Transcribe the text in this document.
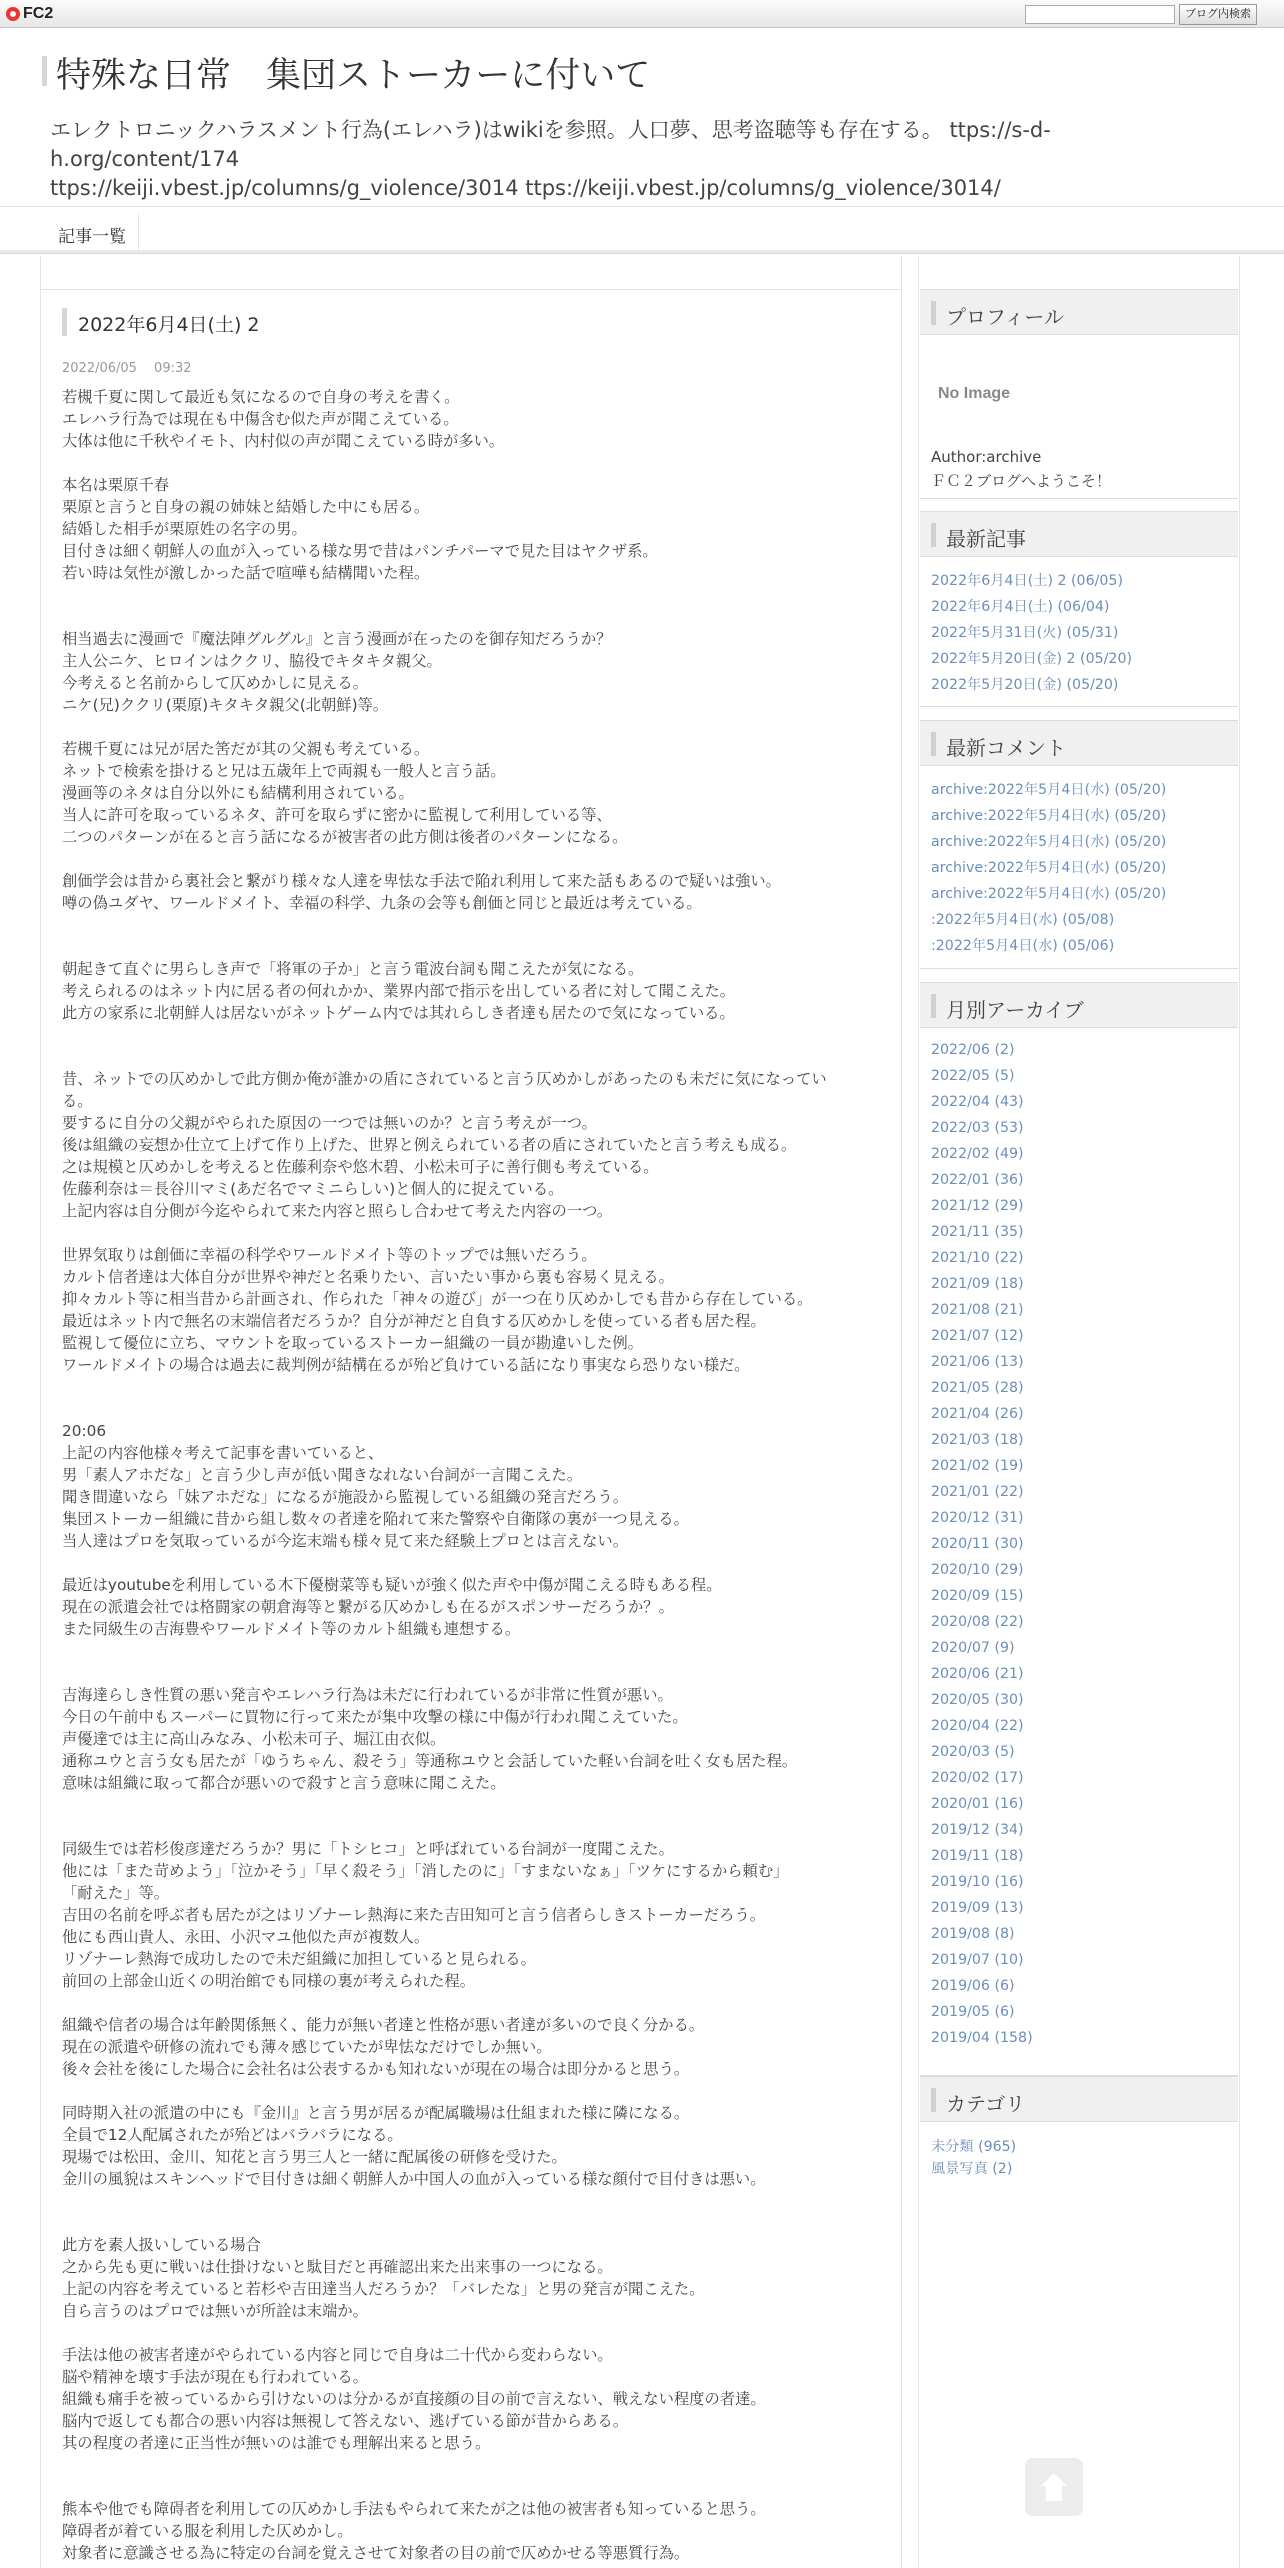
FC2	ブログ内検索
特殊な日常　集団ストーカーに付いて
エレクトロニックハラスメント行為(エレハラ)はwikiを参照。人口夢、思考盗聴等も存在する。 ttps://s-d-h.org/content/174
ttps://keiji.vbest.jp/columns/g_violence/3014 ttps://keiji.vbest.jp/columns/g_violence/3014/
記事一覧
2022年6月4日(土) 2
2022/06/05　 09:32

若槻千夏に関して最近も気になるので自身の考えを書く。

エレハラ行為では現在も中傷含む似た声が聞こえている。

大体は他に千秋やイモト、内村似の声が聞こえている時が多い。

本名は栗原千春

栗原と言うと自身の親の姉妹と結婚した中にも居る。

結婚した相手が栗原姓の名字の男。

目付きは細く朝鮮人の血が入っている様な男で昔はパンチパーマで見た目はヤクザ系。

若い時は気性が激しかった話で喧嘩も結構聞いた程。

相当過去に漫画で『魔法陣グルグル』と言う漫画が在ったのを御存知だろうか？

主人公ニケ、ヒロインはククリ、脇役でキタキタ親父。

今考えると名前からして仄めかしに見える。

ニケ(兄)ククリ(栗原)キタキタ親父(北朝鮮)等。

若槻千夏には兄が居た筈だが其の父親も考えている。

ネットで検索を掛けると兄は五歳年上で両親も一般人と言う話。

漫画等のネタは自分以外にも結構利用されている。

当人に許可を取っているネタ、許可を取らずに密かに監視して利用している等、

二つのパターンが在ると言う話になるが被害者の此方側は後者のパターンになる。

創価学会は昔から裏社会と繋がり様々な人達を卑怯な手法で陥れ利用して来た話もあるので疑いは強い。

噂の偽ユダヤ、ワールドメイト、幸福の科学、九条の会等も創価と同じと最近は考えている。

朝起きて直ぐに男らしき声で「将軍の子か」と言う電波台詞も聞こえたが気になる。

考えられるのはネット内に居る者の何れかか、業界内部で指示を出している者に対して聞こえた。

此方の家系に北朝鮮人は居ないがネットゲーム内では其れらしき者達も居たので気になっている。

昔、ネットでの仄めかしで此方側か俺が誰かの盾にされていると言う仄めかしがあったのも未だに気になってい

る。

要するに自分の父親がやられた原因の一つでは無いのか？と言う考えが一つ。

後は組織の妄想か仕立て上げて作り上げた、世界と例えられている者の盾にされていたと言う考えも成る。

之は規模と仄めかしを考えると佐藤利奈や悠木碧、小松未可子に善行側も考えている。

佐藤利奈は＝長谷川マミ(あだ名でマミニらしい)と個人的に捉えている。

上記内容は自分側が今迄やられて来た内容と照らし合わせて考えた内容の一つ。

世界気取りは創価に幸福の科学やワールドメイト等のトップでは無いだろう。

カルト信者達は大体自分が世界や神だと名乗りたい、言いたい事から裏も容易く見える。

抑々カルト等に相当昔から計画され、作られた「神々の遊び」が一つ在り仄めかしでも昔から存在している。

最近はネット内で無名の末端信者だろうか？自分が神だと自負する仄めかしを使っている者も居た程。

監視して優位に立ち、マウントを取っているストーカー組織の一員が勘違いした例。

ワールドメイトの場合は過去に裁判例が結構在るが殆ど負けている話になり事実なら恐りない様だ。

20:06

上記の内容他様々考えて記事を書いていると、

男「素人アホだな」と言う少し声が低い聞きなれない台詞が一言聞こえた。

聞き間違いなら「妹アホだな」になるが施設から監視している組織の発言だろう。

集団ストーカー組織に昔から組し数々の者達を陥れて来た警察や自衛隊の裏が一つ見える。

当人達はプロを気取っているが今迄末端も様々見て来た経験上プロとは言えない。

最近はyoutubeを利用している木下優樹菜等も疑いが強く似た声や中傷が聞こえる時もある程。

現在の派遣会社では格闘家の朝倉海等と繋がる仄めかしも在るがスポンサーだろうか？。

また同級生の吉海豊やワールドメイト等のカルト組織も連想する。

吉海達らしき性質の悪い発言やエレハラ行為は未だに行われているが非常に性質が悪い。

今日の午前中もスーパーに買物に行って来たが集中攻撃の様に中傷が行われ聞こえていた。

声優達では主に高山みなみ、小松未可子、堀江由衣似。

通称ユウと言う女も居たが「ゆうちゃん、殺そう」等通称ユウと会話していた軽い台詞を吐く女も居た程。

意味は組織に取って都合が悪いので殺すと言う意味に聞こえた。

同級生では若杉俊彦達だろうか？男に「トシヒコ」と呼ばれている台詞が一度聞こえた。

他には「また苛めよう」「泣かそう」「早く殺そう」「消したのに」「すまないなぁ」「ツケにするから頼む」

「耐えた」等。

吉田の名前を呼ぶ者も居たが之はリゾナーレ熱海に来た吉田知可と言う信者らしきストーカーだろう。

他にも西山貴人、永田、小沢マユ他似た声が複数人。

リゾナーレ熱海で成功したので未だ組織に加担していると見られる。

前回の上部金山近くの明治館でも同様の裏が考えられた程。

組織や信者の場合は年齢関係無く、能力が無い者達と性格が悪い者達が多いので良く分かる。

現在の派遣や研修の流れでも薄々感じていたが卑怯なだけでしか無い。

後々会社を後にした場合に会社名は公表するかも知れないが現在の場合は即分かると思う。

同時期入社の派遣の中にも『金川』と言う男が居るが配属職場は仕組まれた様に隣になる。

全員で12人配属されたが殆どはバラバラになる。

現場では松田、金川、知花と言う男三人と一緒に配属後の研修を受けた。

金川の風貌はスキンヘッドで目付きは細く朝鮮人か中国人の血が入っている様な顔付で目付きは悪い。

此方を素人扱いしている場合

之から先も更に戦いは仕掛けないと駄目だと再確認出来た出来事の一つになる。

上記の内容を考えていると若杉や吉田達当人だろうか？「バレたな」と男の発言が聞こえた。

自ら言うのはプロでは無いが所詮は末端か。

手法は他の被害者達がやられている内容と同じで自身は二十代から変わらない。

脳や精神を壊す手法が現在も行われている。

組織も痛手を被っているから引けないのは分かるが直接顔の目の前で言えない、戦えない程度の者達。

脳内で返しても都合の悪い内容は無視して答えない、逃げている節が昔からある。

其の程度の者達に正当性が無いのは誰でも理解出来ると思う。

熊本や他でも障碍者を利用しての仄めかし手法もやられて来たが之は他の被害者も知っていると思う。

障碍者が着ている服を利用した仄めかし。

対象者に意識させる為に特定の台詞を覚えさせて対象者の目の前で仄めかせる等悪質行為。

プロフィール
No Image
Author:archive
ＦＣ２ブログへようこそ！
最新記事
2022年6月4日(土) 2 (06/05)
2022年6月4日(土) (06/04)
2022年5月31日(火) (05/31)
2022年5月20日(金) 2 (05/20)
2022年5月20日(金) (05/20)
最新コメント
archive:2022年5月4日(水) (05/20)
archive:2022年5月4日(水) (05/20)
archive:2022年5月4日(水) (05/20)
archive:2022年5月4日(水) (05/20)
archive:2022年5月4日(水) (05/20)
:2022年5月4日(水) (05/08)
:2022年5月4日(水) (05/06)
月別アーカイブ
2022/06 (2)
2022/05 (5)
2022/04 (43)
2022/03 (53)
2022/02 (49)
2022/01 (36)
2021/12 (29)
2021/11 (35)
2021/10 (22)
2021/09 (18)
2021/08 (21)
2021/07 (12)
2021/06 (13)
2021/05 (28)
2021/04 (26)
2021/03 (18)
2021/02 (19)
2021/01 (22)
2020/12 (31)
2020/11 (30)
2020/10 (29)
2020/09 (15)
2020/08 (22)
2020/07 (9)
2020/06 (21)
2020/05 (30)
2020/04 (22)
2020/03 (5)
2020/02 (17)
2020/01 (16)
2019/12 (34)
2019/11 (18)
2019/10 (16)
2019/09 (13)
2019/08 (8)
2019/07 (10)
2019/06 (6)
2019/05 (6)
2019/04 (158)
カテゴリ
未分類 (965)
風景写真 (2)
